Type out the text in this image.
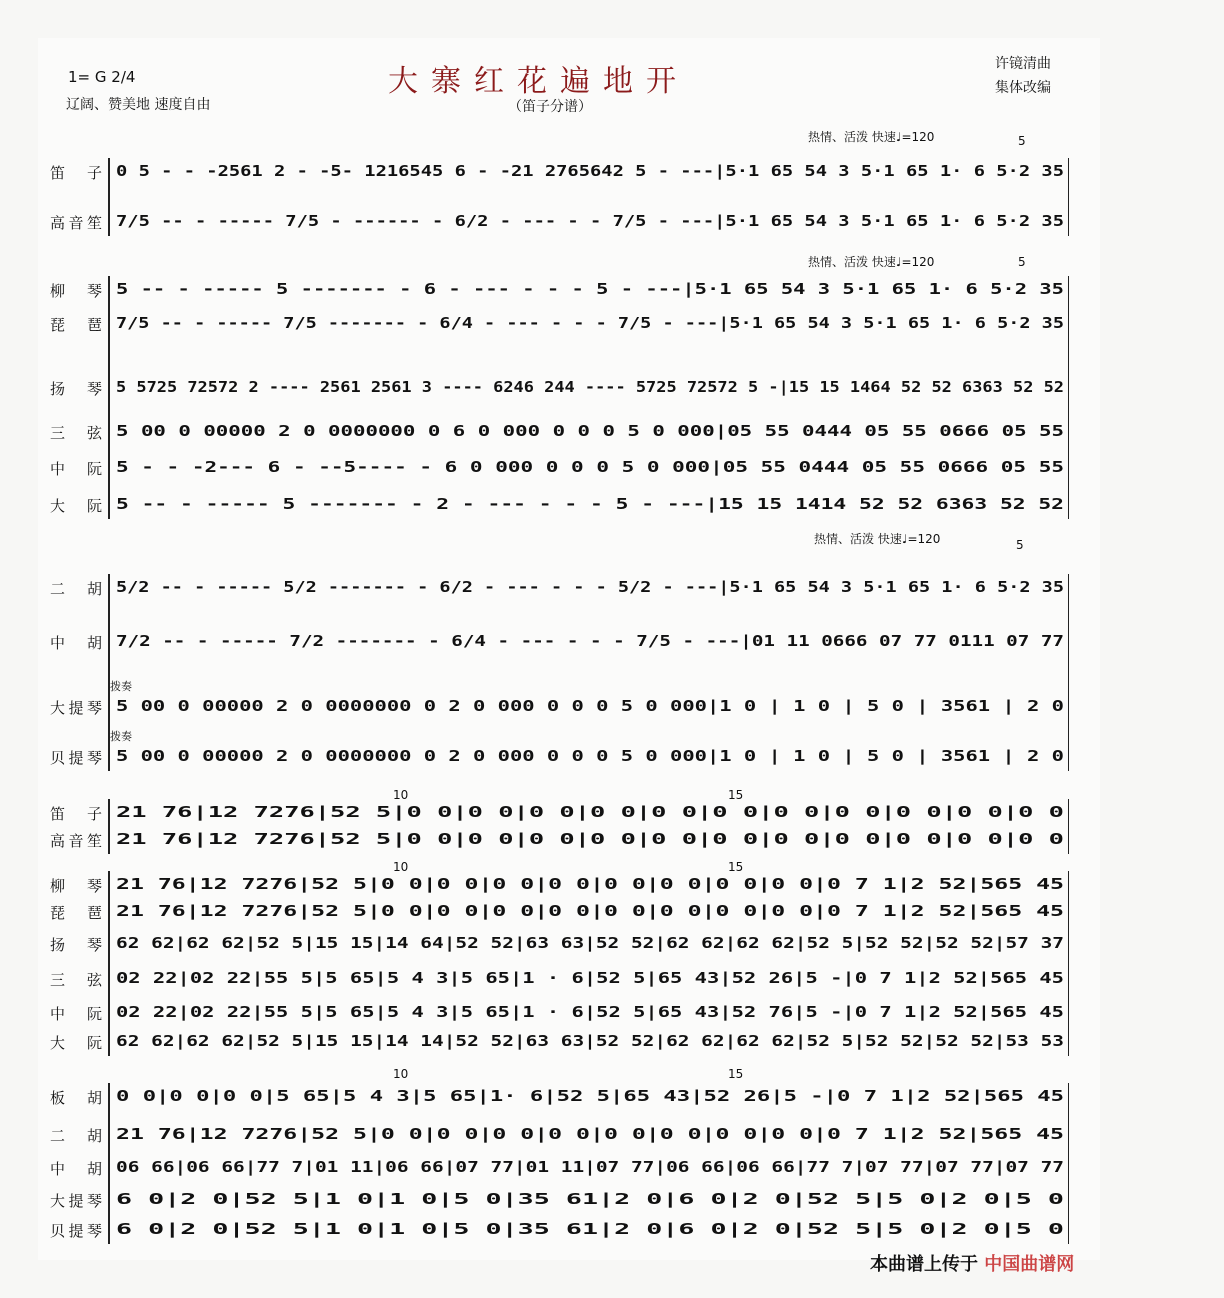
大寨红花遍地开
（笛子分谱）
1= G 2/4
辽阔、赞美地 速度自由
许镜清曲
集体改编
热情、活泼 快速♩=120
热情、活泼 快速♩=120
热情、活泼 快速♩=120
5
5
5
10	15
10	15
10	15
拨奏
拨奏
本曲谱上传于 中国曲谱网
笛 子 0 5 - - -2561 2 - -5- 1216545 6 - -21 2765642 5 - ---|5·1 65 54 3 5·1 65 1· 6 5·2 35
高音笙 7/5 -- - ----- 7/5 - ------ - 6/2 - --- - - 7/5 - ---|5·1 65 54 3 5·1 65 1· 6 5·2 35
柳 琴 5 -- - ----- 5 ------- - 6 - --- - - - 5 - ---|5·1 65 54 3 5·1 65 1· 6 5·2 35
琵 琶 7/5 -- - ----- 7/5 ------- - 6/4 - --- - - - 7/5 - ---|5·1 65 54 3 5·1 65 1· 6 5·2 35
扬 琴 5 5725 72572 2 ---- 2561 2561 3 ---- 6246 244 ---- 5725 72572 5 -|15 15 1464 52 52 6363 52 52
三 弦 5 00 0 00000 2 0 0000000 0 6 0 000 0 0 0 5 0 000|05 55 0444 05 55 0666 05 55
中 阮 5 - - -2--- 6 - --5---- - 6 0 000 0 0 0 5 0 000|05 55 0444 05 55 0666 05 55
大 阮 5 -- - ----- 5 ------- - 2 - --- - - - 5 - ---|15 15 1414 52 52 6363 52 52
二 胡 5/2 -- - ----- 5/2 ------- - 6/2 - --- - - - 5/2 - ---|5·1 65 54 3 5·1 65 1· 6 5·2 35
中 胡 7/2 -- - ----- 7/2 ------- - 6/4 - --- - - - 7/5 - ---|01 11 0666 07 77 0111 07 77
大提琴 5 00 0 00000 2 0 0000000 0 2 0 000 0 0 0 5 0 000|1 0 | 1 0 | 5 0 | 3561 | 2 0
贝提琴 5 00 0 00000 2 0 0000000 0 2 0 000 0 0 0 5 0 000|1 0 | 1 0 | 5 0 | 3561 | 2 0
笛 子 21 76|12 7276|52 5|0 0|0 0|0 0|0 0|0 0|0 0|0 0|0 0|0 0|0 0|0 0
高音笙 21 76|12 7276|52 5|0 0|0 0|0 0|0 0|0 0|0 0|0 0|0 0|0 0|0 0|0 0
柳 琴 21 76|12 7276|52 5|0 0|0 0|0 0|0 0|0 0|0 0|0 0|0 0|0 7 1|2 52|565 45
琵 琶 21 76|12 7276|52 5|0 0|0 0|0 0|0 0|0 0|0 0|0 0|0 0|0 7 1|2 52|565 45
扬 琴 62 62|62 62|52 5|15 15|14 64|52 52|63 63|52 52|62 62|62 62|52 5|52 52|52 52|57 37
三 弦 02 22|02 22|55 5|5 65|5 4 3|5 65|1 · 6|52 5|65 43|52 26|5 -|0 7 1|2 52|565 45
中 阮 02 22|02 22|55 5|5 65|5 4 3|5 65|1 · 6|52 5|65 43|52 76|5 -|0 7 1|2 52|565 45
大 阮 62 62|62 62|52 5|15 15|14 14|52 52|63 63|52 52|62 62|62 62|52 5|52 52|52 52|53 53
板 胡 0 0|0 0|0 0|5 65|5 4 3|5 65|1· 6|52 5|65 43|52 26|5 -|0 7 1|2 52|565 45
二 胡 21 76|12 7276|52 5|0 0|0 0|0 0|0 0|0 0|0 0|0 0|0 0|0 7 1|2 52|565 45
中 胡 06 66|06 66|77 7|01 11|06 66|07 77|01 11|07 77|06 66|06 66|77 7|07 77|07 77|07 77
大提琴 6 0|2 0|52 5|1 0|1 0|5 0|35 61|2 0|6 0|2 0|52 5|5 0|2 0|5 0
贝提琴 6 0|2 0|52 5|1 0|1 0|5 0|35 61|2 0|6 0|2 0|52 5|5 0|2 0|5 0
